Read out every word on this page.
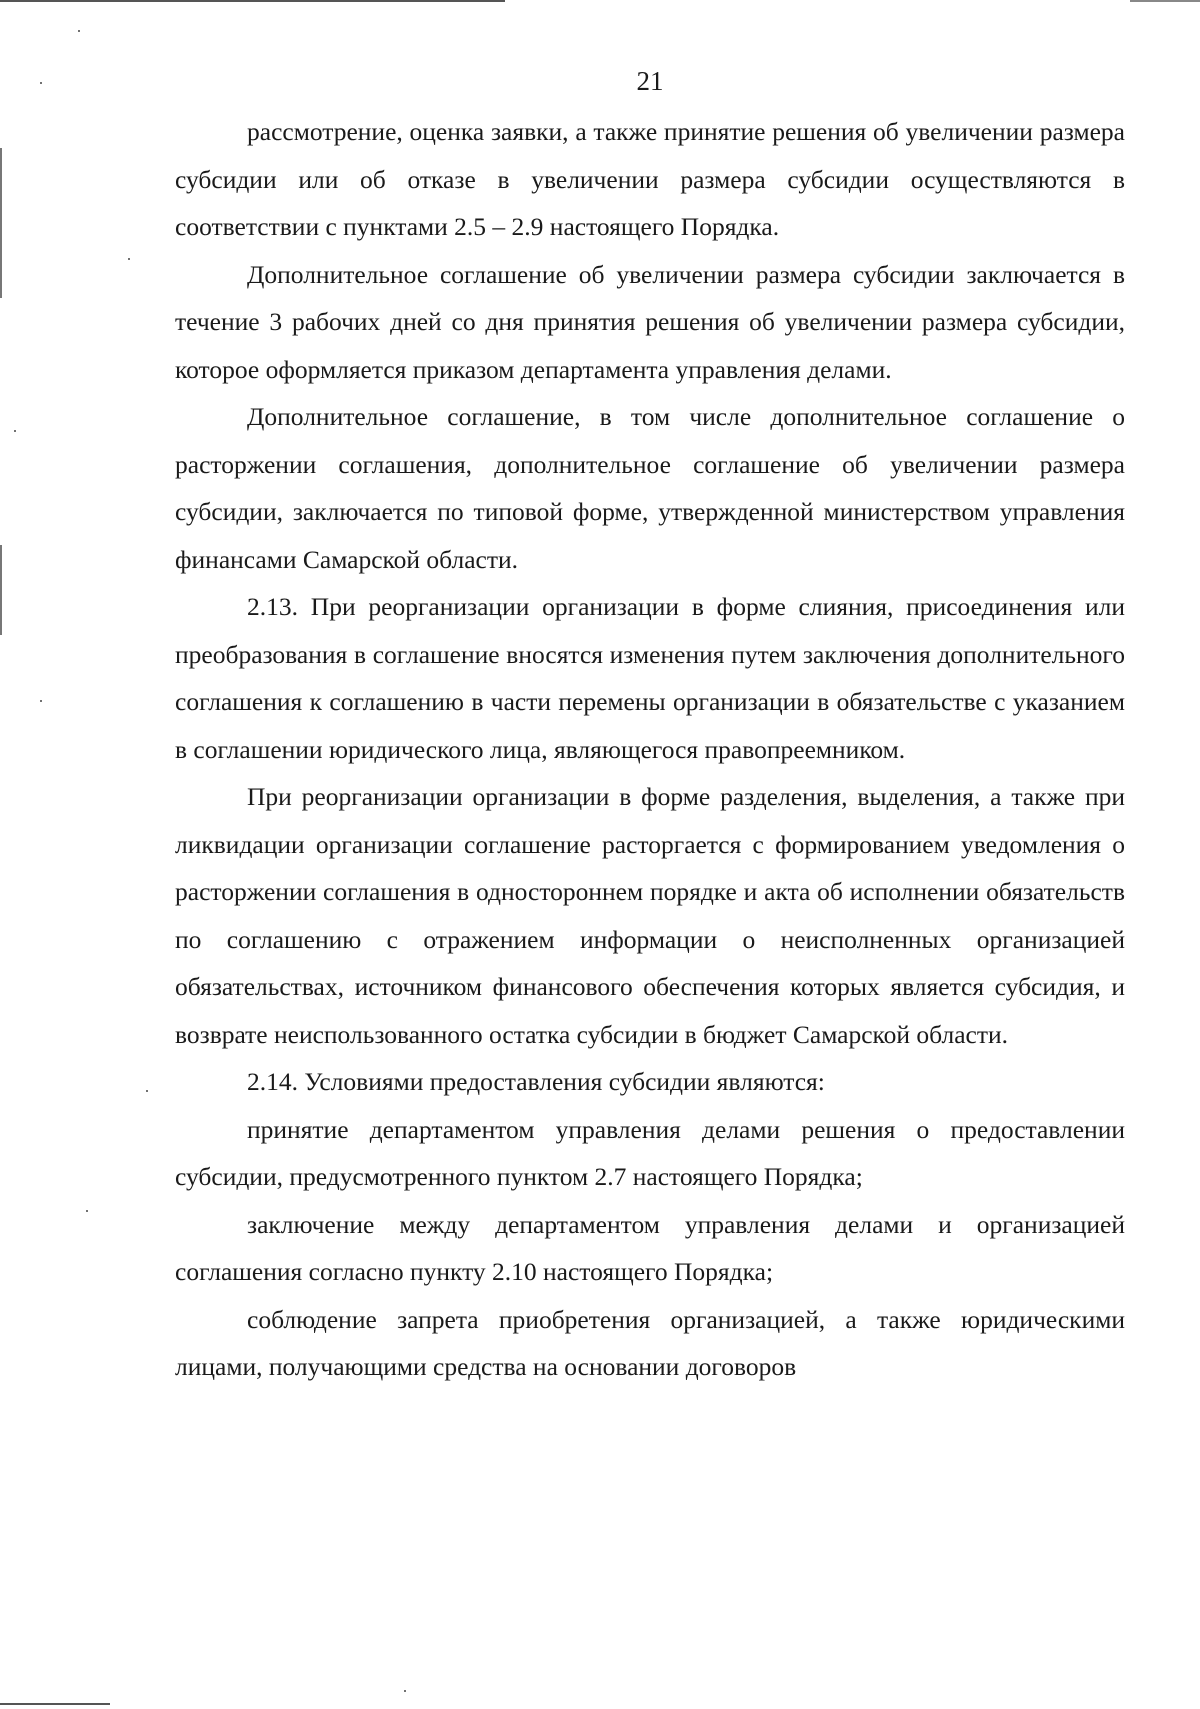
21

рассмотрение, оценка заявки, а также принятие решения об увеличении размера субсидии или об отказе в увеличении размера субсидии осуществляются в соответствии с пунктами 2.5 – 2.9 настоящего Порядка.

Дополнительное соглашение об увеличении размера субсидии заключается в течение 3 рабочих дней со дня принятия решения об увеличении размера субсидии, которое оформляется приказом департамента управления делами.

Дополнительное соглашение, в том числе дополнительное соглашение о расторжении соглашения, дополнительное соглашение об увеличении размера субсидии, заключается по типовой форме, утвержденной министерством управления финансами Самарской области.

2.13. При реорганизации организации в форме слияния, присоединения или преобразования в соглашение вносятся изменения путем заключения дополнительного соглашения к соглашению в части перемены организации в обязательстве с указанием в соглашении юридического лица, являющегося правопреемником.

При реорганизации организации в форме разделения, выделения, а также при ликвидации организации соглашение расторгается с формированием уведомления о расторжении соглашения в одностороннем порядке и акта об исполнении обязательств по соглашению с отражением информации о неисполненных организацией обязательствах, источником финансового обеспечения которых является субсидия, и возврате неиспользованного остатка субсидии в бюджет Самарской области.

2.14. Условиями предоставления субсидии являются:

принятие департаментом управления делами решения о предоставлении субсидии, предусмотренного пунктом 2.7 настоящего Порядка;

заключение между департаментом управления делами и организацией соглашения согласно пункту 2.10 настоящего Порядка;

соблюдение запрета приобретения организацией, а также юридическими лицами, получающими средства на основании договоров
